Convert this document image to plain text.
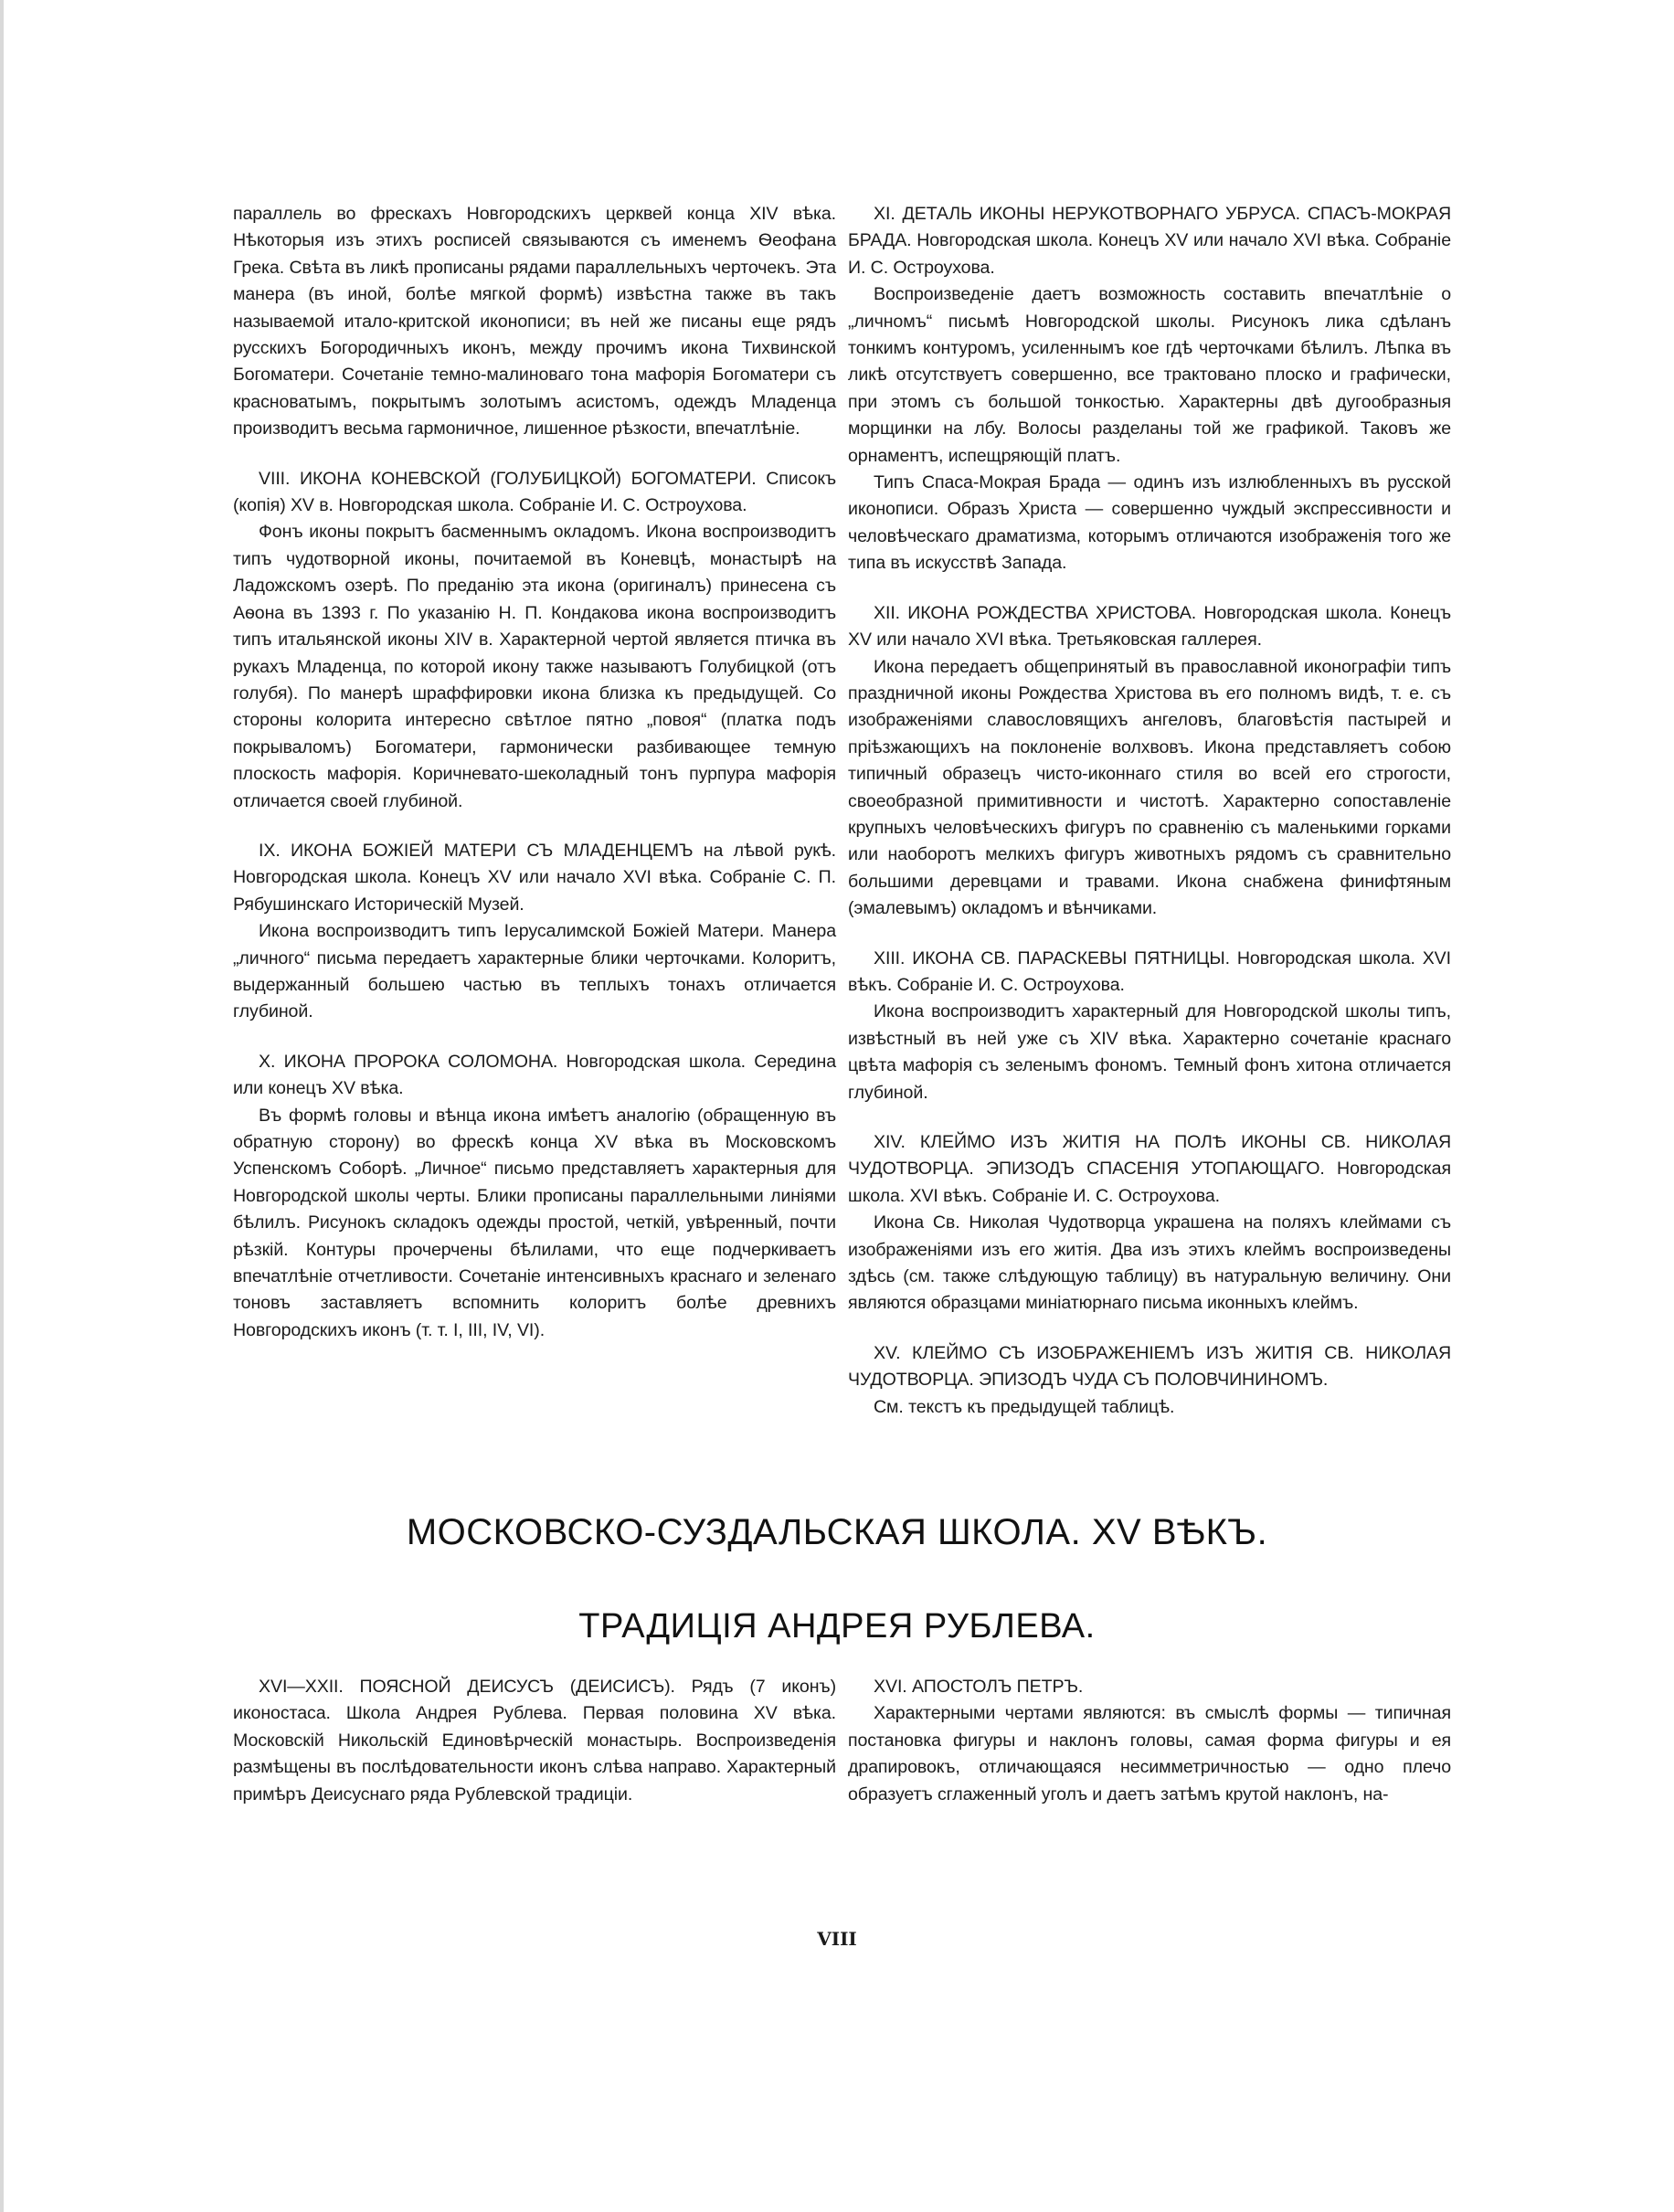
параллель во фрескахъ Новгородскихъ церквей конца XIV вѣка. Нѣкоторыя изъ этихъ росписей связываются съ именемъ Ѳеофана Грека. Свѣта въ ликѣ прописаны рядами параллельныхъ черточекъ. Эта манера (въ иной, болѣе мягкой формѣ) извѣстна также въ такъ называемой итало-критской иконописи; въ ней же писаны еще рядъ русскихъ Богородичныхъ иконъ, между прочимъ икона Тихвинской Богоматери. Сочетаніе темно-малиноваго тона мафорія Богоматери съ красноватымъ, покрытымъ золотымъ асистомъ, одеждъ Младенца производитъ весьма гармоничное, лишенное рѣзкости, впечатлѣніе.

VIII. ИКОНА КОНЕВСКОЙ (ГОЛУБИЦКОЙ) БОГОМАТЕРИ. Списокъ (копія) XV в. Новгородская школа. Собраніе И. С. Остроухова.

Фонъ иконы покрытъ басменнымъ окладомъ. Икона воспроизводитъ типъ чудотворной иконы, почитаемой въ Коневцѣ, монастырѣ на Ладожскомъ озерѣ. По преданію эта икона (оригиналъ) принесена съ Аѳона въ 1393 г. По указанію Н. П. Кондакова икона воспроизводитъ типъ итальянской иконы XIV в. Характерной чертой является птичка въ рукахъ Младенца, по которой икону также называютъ Голубицкой (отъ голубя). По манерѣ шраффировки икона близка къ предыдущей. Со стороны колорита интересно свѣтлое пятно „повоя“ (платка подъ покрываломъ) Богоматери, гармонически разбивающее темную плоскость мафорія. Коричневато-шеколадный тонъ пурпура мафорія отличается своей глубиной.

IX. ИКОНА БОЖІЕЙ МАТЕРИ СЪ МЛАДЕНЦЕМЪ на лѣвой рукѣ. Новгородская школа. Конецъ XV или начало XVI вѣка. Собраніе С. П. Рябушинскаго Историческій Музей.

Икона воспроизводитъ типъ Іерусалимской Божіей Матери. Манера „личного“ письма передаетъ характерные блики черточками. Колоритъ, выдержанный большею частью въ теплыхъ тонахъ отличается глубиной.

X. ИКОНА ПРОРОКА СОЛОМОНА. Новгородская школа. Середина или конецъ XV вѣка.

Въ формѣ головы и вѣнца икона имѣетъ аналогію (обращенную въ обратную сторону) во фрескѣ конца XV вѣка въ Московскомъ Успенскомъ Соборѣ. „Личное“ письмо представляетъ характерныя для Новгородской школы черты. Блики прописаны параллельными линіями бѣлилъ. Рисунокъ складокъ одежды простой, четкій, увѣренный, почти рѣзкій. Контуры прочерчены бѣлилами, что еще подчеркиваетъ впечатлѣніе отчетливости. Сочетаніе интенсивныхъ краснаго и зеленаго тоновъ заставляетъ вспомнить колоритъ болѣе древнихъ Новгородскихъ иконъ (т. т. I, III, IV, VI).

XI. ДЕТАЛЬ ИКОНЫ НЕРУКОТВОРНАГО УБРУСА. СПАСЪ-МОКРАЯ БРАДА. Новгородская школа. Конецъ XV или начало XVI вѣка. Собраніе И. С. Остроухова.

Воспроизведеніе даетъ возможность составить впечатлѣніе о „личномъ“ письмѣ Новгородской школы. Рисунокъ лика сдѣланъ тонкимъ контуромъ, усиленнымъ кое гдѣ черточками бѣлилъ. Лѣпка въ ликѣ отсутствуетъ совершенно, все трактовано плоско и графически, при этомъ съ большой тонкостью. Характерны двѣ дугообразныя морщинки на лбу. Волосы разделаны той же графикой. Таковъ же орнаментъ, испещряющій платъ.

Типъ Спаса-Мокрая Брада — одинъ изъ излюбленныхъ въ русской иконописи. Образъ Христа — совершенно чуждый экспрессивности и человѣческаго драматизма, которымъ отличаются изображенія того же типа въ искусствѣ Запада.

XII. ИКОНА РОЖДЕСТВА ХРИСТОВА. Новгородская школа. Конецъ XV или начало XVI вѣка. Третьяковская галлерея.

Икона передаетъ общепринятый въ православной иконографіи типъ праздничной иконы Рождества Христова въ его полномъ видѣ, т. е. съ изображеніями славословящихъ ангеловъ, благовѣстія пастырей и пріѣзжающихъ на поклоненіе волхвовъ. Икона представляетъ собою типичный образецъ чисто-иконнаго стиля во всей его строгости, своеобразной примитивности и чистотѣ. Характерно сопоставленіе крупныхъ человѣческихъ фигуръ по сравненію съ маленькими горками или наоборотъ мелкихъ фигуръ животныхъ рядомъ съ сравнительно большими деревцами и травами. Икона снабжена финифтяным (эмалевымъ) окладомъ и вѣнчиками.

XIII. ИКОНА СВ. ПАРАСКЕВЫ ПЯТНИЦЫ. Новгородская школа. XVI вѣкъ. Собраніе И. С. Остроухова.

Икона воспроизводитъ характерный для Новгородской школы типъ, извѣстный въ ней уже съ XIV вѣка. Характерно сочетаніе краснаго цвѣта мафорія съ зеленымъ фономъ. Темный фонъ хитона отличается глубиной.

XIV. КЛЕЙМО ИЗЪ ЖИТІЯ НА ПОЛѢ ИКОНЫ СВ. НИКОЛАЯ ЧУДОТВОРЦА. ЭПИЗОДЪ СПАСЕНІЯ УТОПАЮЩАГО. Новгородская школа. XVI вѣкъ. Собраніе И. С. Остроухова.

Икона Св. Николая Чудотворца украшена на поляхъ клеймами съ изображеніями изъ его житія. Два изъ этихъ клеймъ воспроизведены здѣсь (см. также слѣдующую таблицу) въ натуральную величину. Они являются образцами миніатюрнаго письма иконныхъ клеймъ.

XV. КЛЕЙМО СЪ ИЗОБРАЖЕНІЕМЪ ИЗЪ ЖИТІЯ СВ. НИКОЛАЯ ЧУДОТВОРЦА. ЭПИЗОДЪ ЧУДА СЪ ПОЛОВЧИНИНОМЪ.

См. текстъ къ предыдущей таблицѣ.

МОСКОВСКО-СУЗДАЛЬСКАЯ ШКОЛА. XV ВѢКЪ.
ТРАДИЦІЯ АНДРЕЯ РУБЛЕВА.

XVI—XXII. ПОЯСНОЙ ДЕИСУСЪ (ДЕИСИСЪ). Рядъ (7 иконъ) иконостаса. Школа Андрея Рублева. Первая половина XV вѣка. Московскій Никольскій Единовѣрческій монастырь. Воспроизведенія размѣщены въ послѣдовательности иконъ слѣва направо. Характерный примѣръ Деисуснаго ряда Рублевской традиціи.

XVI. АПОСТОЛЪ ПЕТРЪ.

Характерными чертами являются: въ смыслѣ формы — типичная постановка фигуры и наклонъ головы, самая форма фигуры и ея драпировокъ, отличающаяся несимметричностью — одно плечо образуетъ сглаженный уголъ и даетъ затѣмъ крутой наклонъ, на-

VIII
